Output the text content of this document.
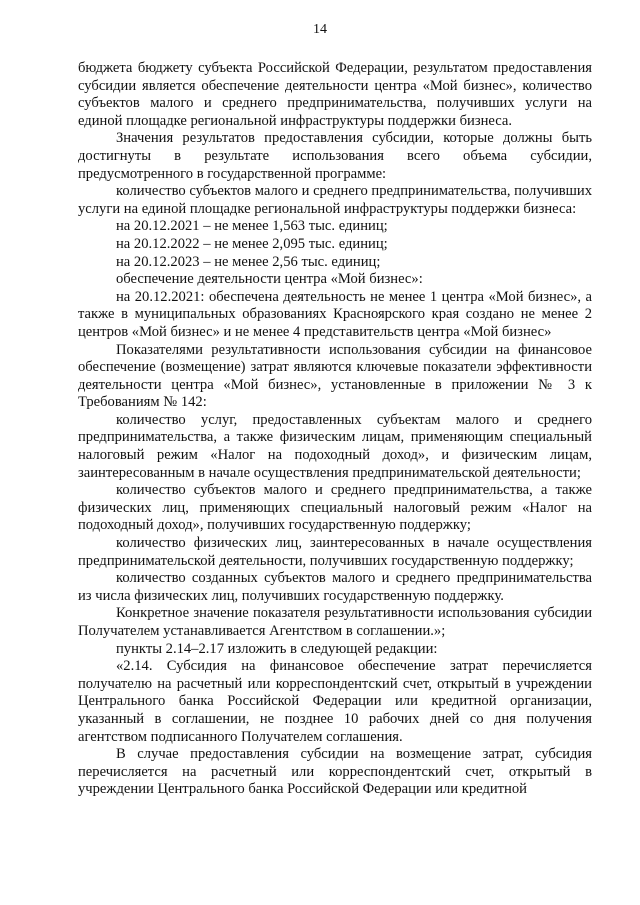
14

бюджета бюджету субъекта Российской Федерации, результатом предоставления субсидии является обеспечение деятельности центра «Мой бизнес», количество субъектов малого и среднего предпринимательства, получивших услуги на единой площадке региональной инфраструктуры поддержки бизнеса.

Значения результатов предоставления субсидии, которые должны быть достигнуты в результате использования всего объема субсидии, предусмотренного в государственной программе:

количество субъектов малого и среднего предпринимательства, получивших услуги на единой площадке региональной инфраструктуры поддержки бизнеса:

на 20.12.2021 – не менее 1,563 тыс. единиц;

на 20.12.2022 – не менее 2,095 тыс. единиц;

на 20.12.2023 – не менее 2,56 тыс. единиц;

обеспечение деятельности центра «Мой бизнес»:

на 20.12.2021: обеспечена деятельность не менее 1 центра «Мой бизнес», а также в муниципальных образованиях Красноярского края создано не менее 2 центров «Мой бизнес» и не менее 4 представительств центра «Мой бизнес»

Показателями результативности использования субсидии на финансовое обеспечение (возмещение) затрат являются ключевые показатели эффективности деятельности центра «Мой бизнес», установленные в приложении № 3 к Требованиям № 142:

количество услуг, предоставленных субъектам малого и среднего предпринимательства, а также физическим лицам, применяющим специальный налоговый режим «Налог на подоходный доход», и физическим лицам, заинтересованным в начале осуществления предпринимательской деятельности;

количество субъектов малого и среднего предпринимательства, а также физических лиц, применяющих специальный налоговый режим «Налог на подоходный доход», получивших государственную поддержку;

количество физических лиц, заинтересованных в начале осуществления предпринимательской деятельности, получивших государственную поддержку;

количество созданных субъектов малого и среднего предпринимательства из числа физических лиц, получивших государственную поддержку.

Конкретное значение показателя результативности использования субсидии Получателем устанавливается Агентством в соглашении.»;

пункты 2.14–2.17 изложить в следующей редакции:

«2.14. Субсидия на финансовое обеспечение затрат перечисляется получателю на расчетный или корреспондентский счет, открытый в учреждении Центрального банка Российской Федерации или кредитной организации, указанный в соглашении, не позднее 10 рабочих дней со дня получения агентством подписанного Получателем соглашения.

В случае предоставления субсидии на возмещение затрат, субсидия перечисляется на расчетный или корреспондентский счет, открытый в учреждении Центрального банка Российской Федерации или кредитной
